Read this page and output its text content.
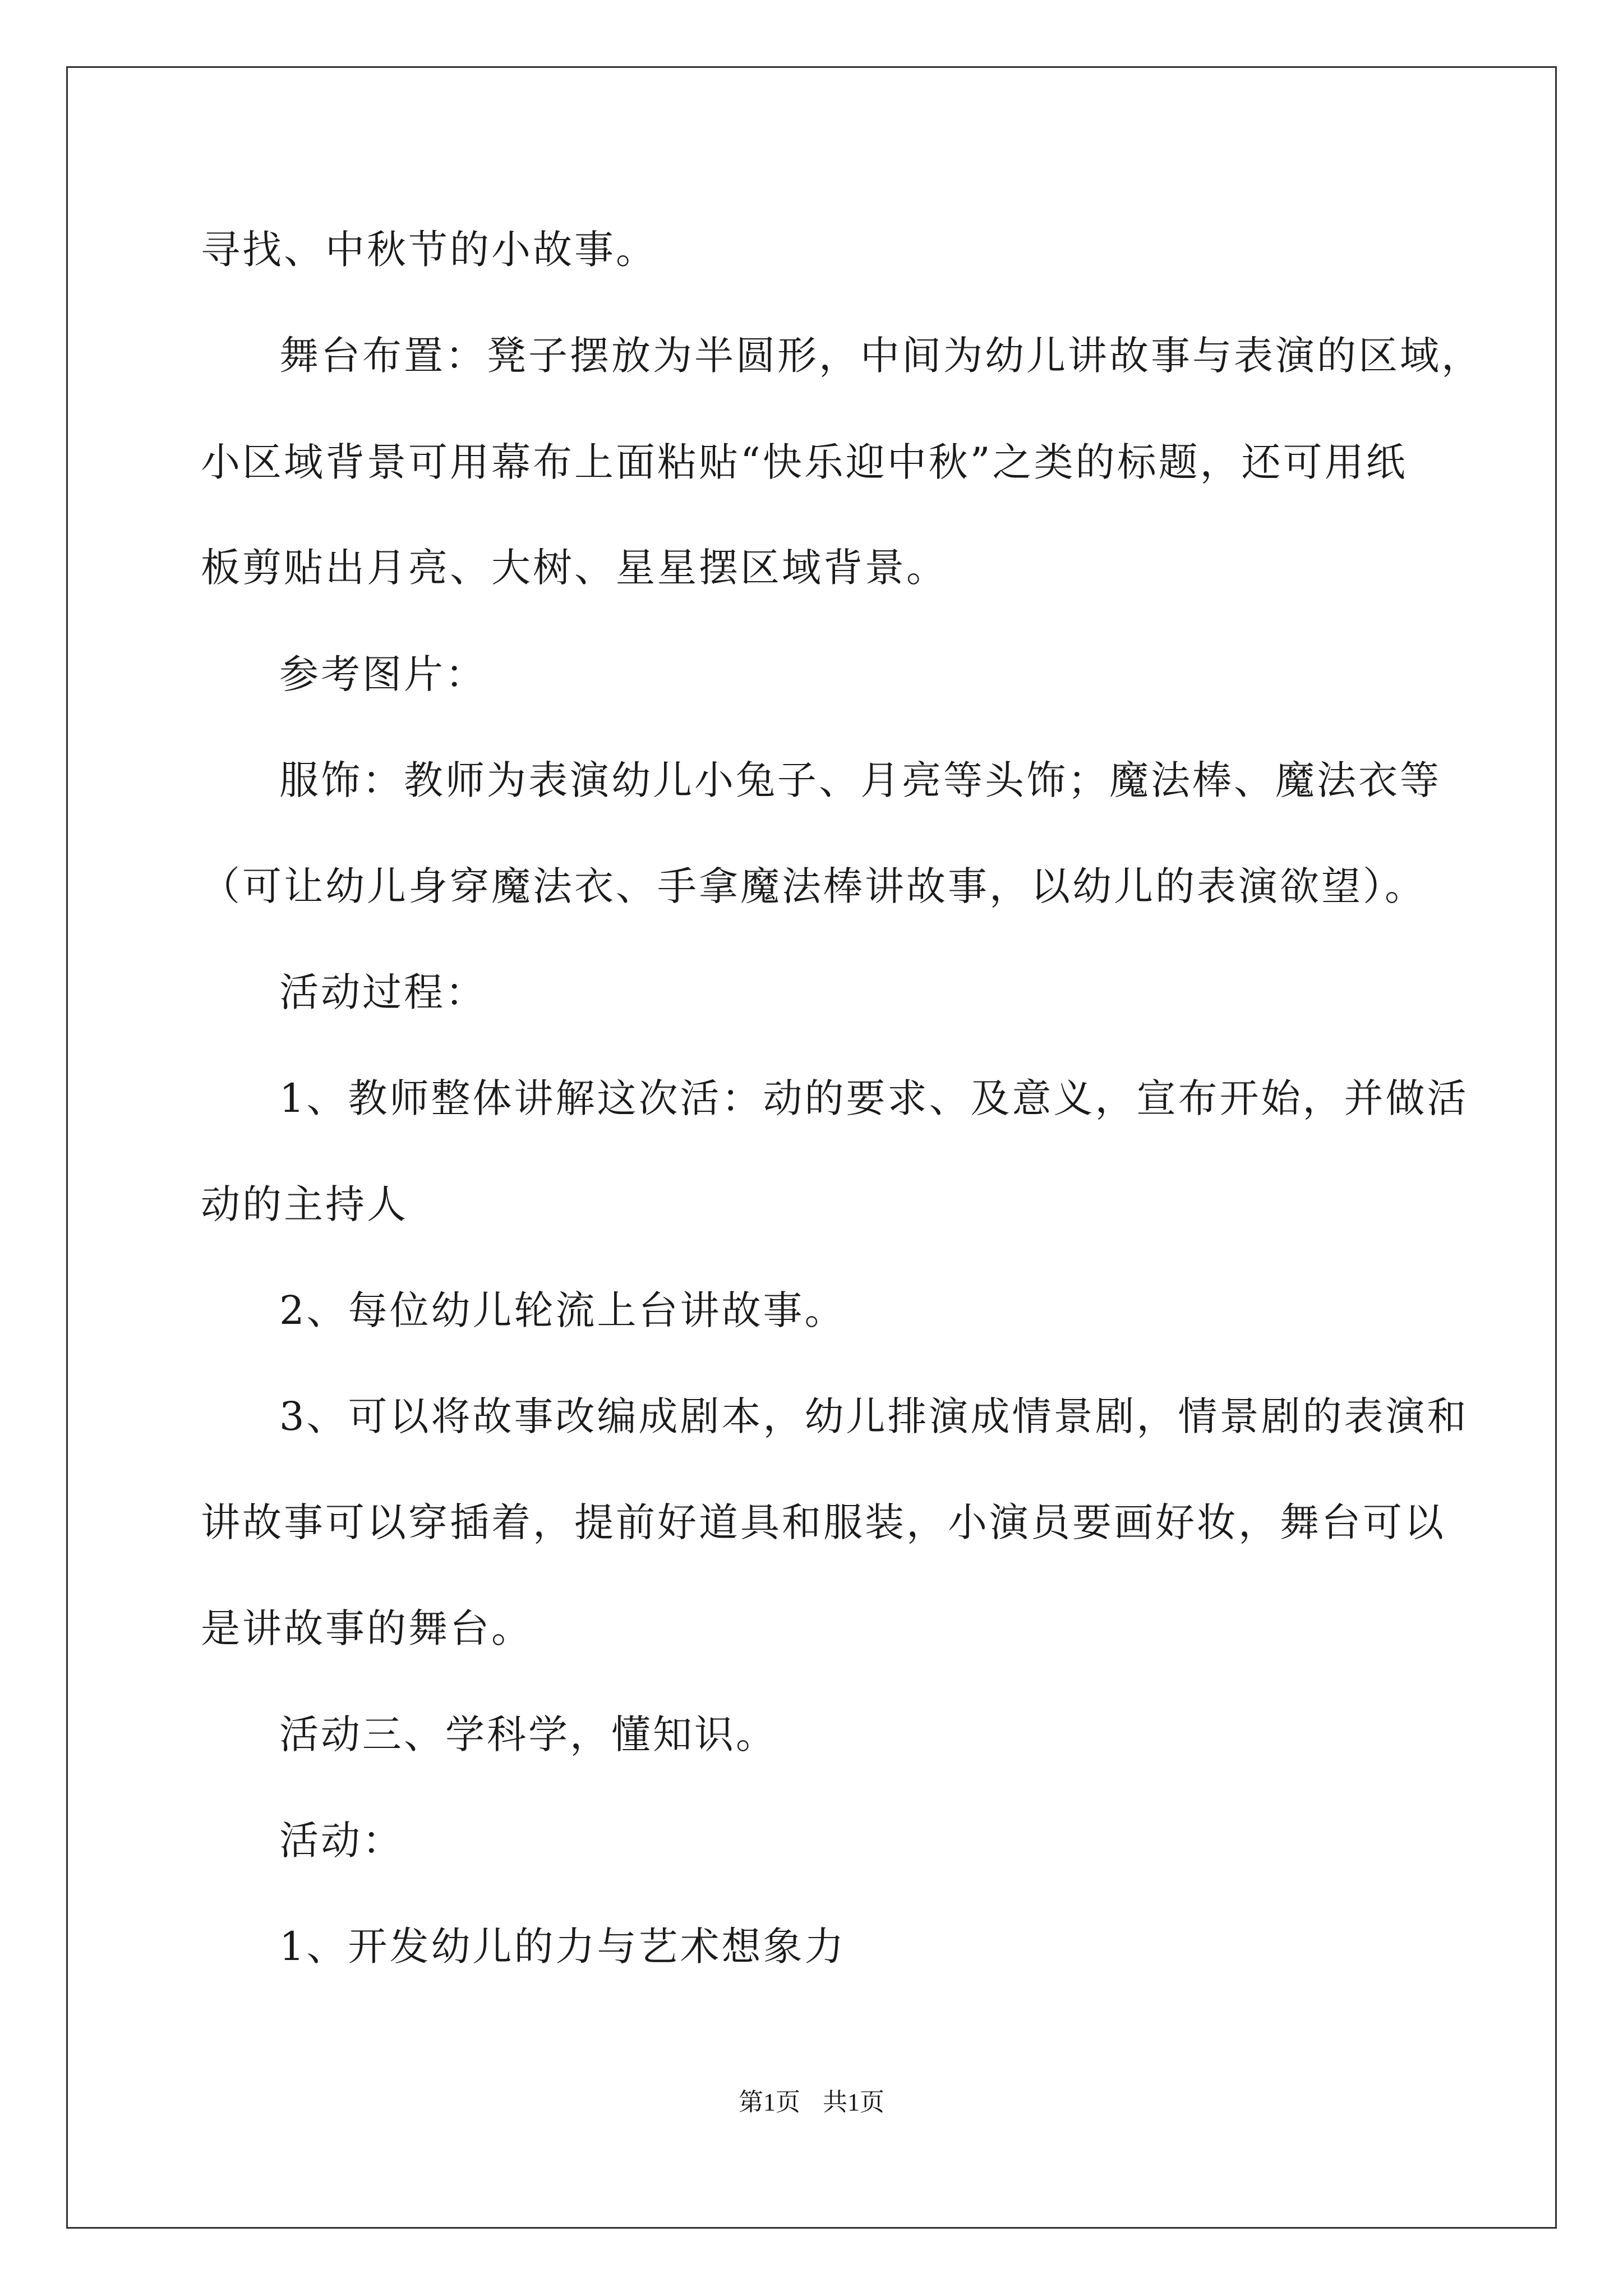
寻找、中秋节的小故事。
舞台布置：凳子摆放为半圆形，中间为幼儿讲故事与表演的区域，
小区域背景可用幕布上面粘贴“快乐迎中秋”之类的标题，还可用纸
板剪贴出月亮、大树、星星摆区域背景。
参考图片：
服饰：教师为表演幼儿小兔子、月亮等头饰；魔法棒、魔法衣等
（可让幼儿身穿魔法衣、手拿魔法棒讲故事，以幼儿的表演欲望）。
活动过程：
1、教师整体讲解这次活：动的要求、及意义，宣布开始，并做活
动的主持人
2、每位幼儿轮流上台讲故事。
3、可以将故事改编成剧本，幼儿排演成情景剧，情景剧的表演和
讲故事可以穿插着，提前好道具和服装，小演员要画好妆，舞台可以
是讲故事的舞台。
活动三、学科学，懂知识。
活动：
1、开发幼儿的力与艺术想象力
第1页 共1页
